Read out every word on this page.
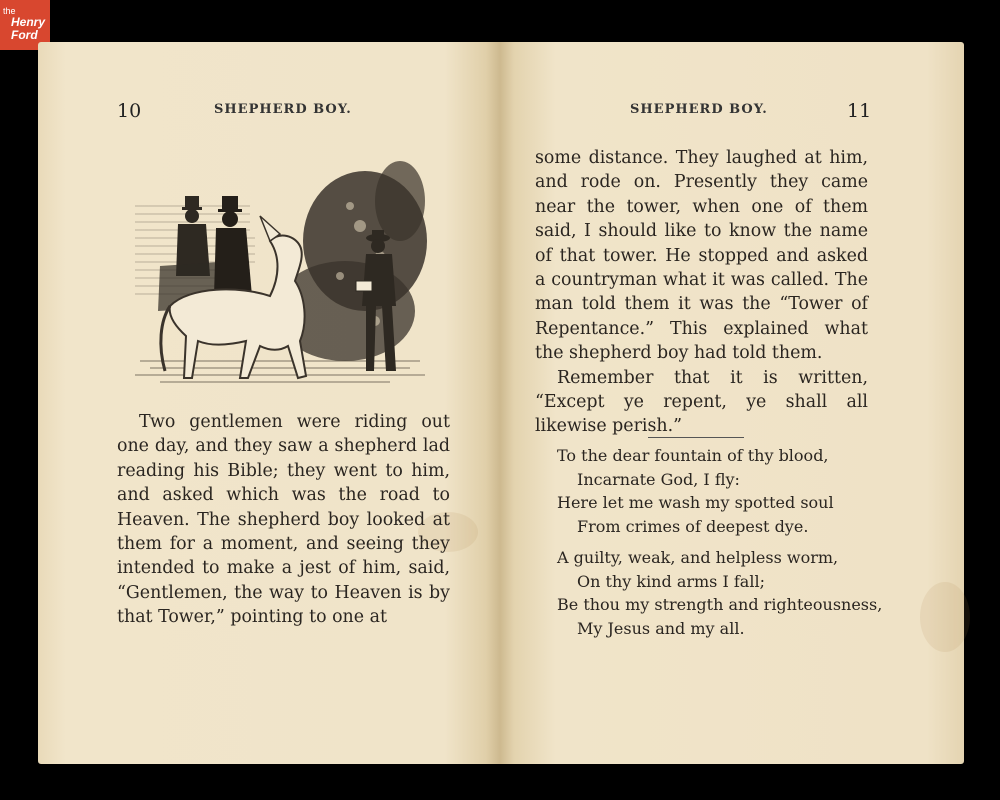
the
Henry
Ford
10	SHEPHERD BOY.

Two gentlemen were riding out one day, and they saw a shepherd lad reading his Bible; they went to him, and asked which was the road to Heaven. The shepherd boy looked at them for a moment, and seeing they intended to make a jest of him, said, “Gentlemen, the way to Heaven is by that Tower,” pointing to one at

SHEPHERD BOY.	11

some distance. They laughed at him, and rode on. Presently they came near the tower, when one of them said, I should like to know the name of that tower. He stopped and asked a countryman what it was called. The man told them it was the “Tower of Repentance.” This explained what the shepherd boy had told them.

Remember that it is written, “Except ye repent, ye shall all likewise perish.”

To the dear fountain of thy blood,
Incarnate God, I fly:
Here let me wash my spotted soul
From crimes of deepest dye.
A guilty, weak, and helpless worm,
On thy kind arms I fall;
Be thou my strength and righteousness,
My Jesus and my all.
